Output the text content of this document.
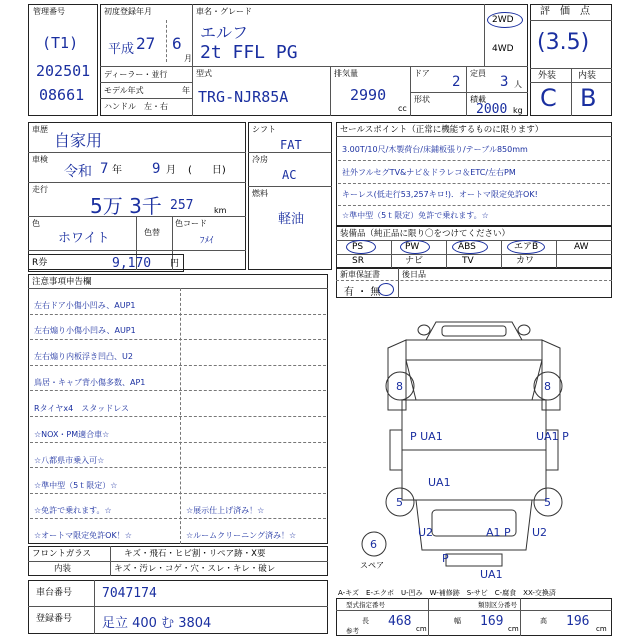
管理番号
(T1)
202501
08661
初度登録年月
平成 27 6
月
ディーラー・並行
モデル年式	年
ハンドル　左・右
車名・グレード
エルフ
2t FFL PG
2WD
4WD
型式
TRG-NJR85A
排気量
2990
cc
ドア
2
定員
3 人
形状	積載
2000 kg
評　価　点
(3.5)
外装 内装
C B
車歴
自家用
車検
令和 7 年 9 月 (　　日)
走行
5万 3千 257	km
色
ホワイト	色替
色コード
ﾌﾒｲ
R券	9,170 円
シフト
FAT
冷房
AC
燃料
軽油
セールスポイント（正常に機能するものに限ります）
3.00T/10尺/木製荷台/床鋪板張り/テーブル850mm
社外フルセグTV&ナビ＆ドラレコ＆ETC/左右PM
キーレス(低走行53,257キロ!)．オートマ限定免許OK!
☆準中型（5ｔ限定）免許で乗れます。☆
装備品（純正品に限り〇をつけてください）
PS	PW	ABS	エアB	AW
SR	ナビ	TV	カワ
新車保証書
有 ・ 無
後日品
注意事項申告欄
左右ドア小傷小凹み、AUP1
左右煽り小傷小凹み、AUP1
左右煽り内板浮き凹凸、U2
鳥居・キャブ背小傷多数、AP1
Rタイヤx4　スタッドレス
☆NOX・PM適合車☆
☆八都県市乗入可☆
☆準中型（5ｔ限定）☆
☆免許で乗れます。☆
☆オートマ限定免許OK！☆
☆展示仕上げ済み！☆
☆ルームクリーニング済み！☆
フロントガラス	キズ・飛石・ヒビ割・リペア跡・X要
内装	キズ・汚レ・コゲ・穴・スレ・キレ・破レ
車台番号 7047174
登録番号 足立 400 む 3804
8	8
P UA1	UA1 P
UA1
5	5
U2	A1 P U2
6
UA1
P
スペア
A-キズ　E-エクボ　U-凹み　W-補修跡　S-サビ　C-腐食　XX-交換済
型式指定番号	類別区分番号
参考
長 468 cm
幅 169 cm
高 196 cm
